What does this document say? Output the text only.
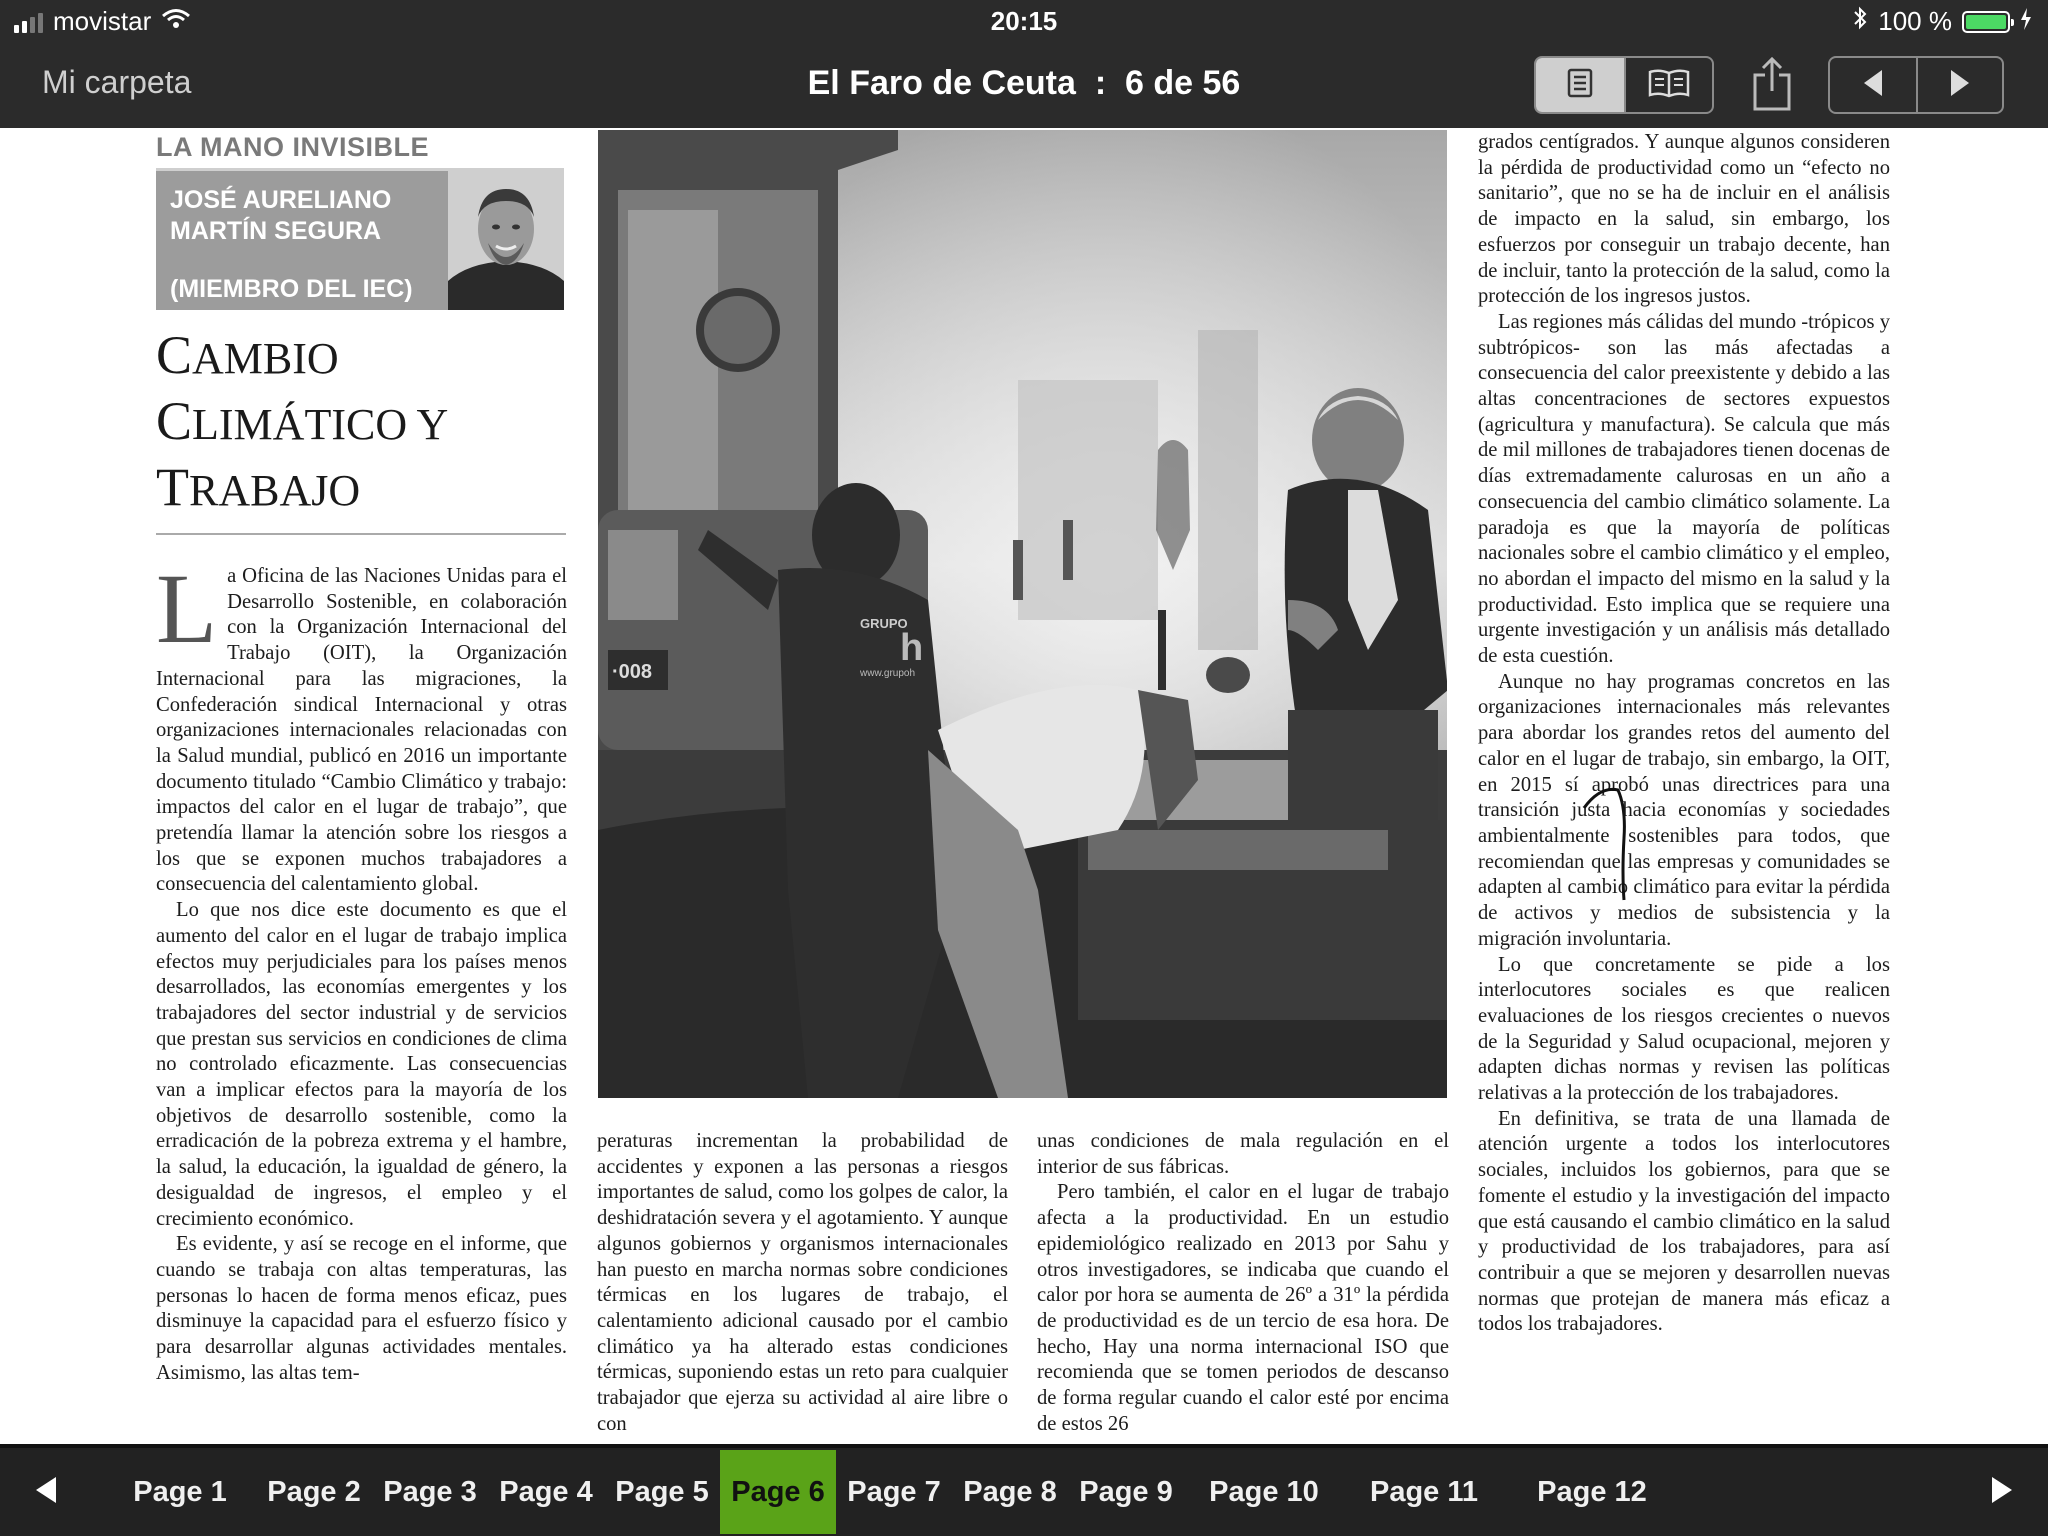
movistar	20:15	100 %
Mi carpeta	El Faro de Ceuta : 6 de 56
LA MANO INVISIBLE
JOSÉ AURELIANO
MARTÍN SEGURA
(MIEMBRO DEL IEC)
CAMBIO
CLIMÁTICO Y
TRABAJO

La Oficina de las Naciones Unidas para el Desarrollo Sostenible, en colaboración con la Organización Internacional del Trabajo (OIT), la Organización Internacional para las migraciones, la Confederación sindical Internacional y otras organizaciones internacionales relacionadas con la Salud mundial, publicó en 2016 un importante documento titulado “Cambio Climático y trabajo: impactos del calor en el lugar de trabajo”, que pretendía llamar la atención sobre los riesgos a los que se exponen muchos trabajadores a consecuencia del calentamiento global.

Lo que nos dice este documento es que el aumento del calor en el lugar de trabajo implica efectos muy perjudiciales para los países menos desarrollados, las economías emergentes y los trabajadores del sector industrial y de servicios que prestan sus servicios en condiciones de clima no controlado eficazmente. Las consecuencias van a implicar efectos para la mayoría de los objetivos de desarrollo sostenible, como la erradicación de la pobreza extrema y el hambre, la salud, la educación, la igualdad de género, la desigualdad de ingresos, el empleo y el crecimiento económico.

Es evidente, y así se recoge en el informe, que cuando se trabaja con altas temperaturas, las personas lo hacen de forma menos eficaz, pues disminuye la capacidad para el esfuerzo físico y para desarrollar algunas actividades mentales. Asimismo, las altas tem-

·008
GRUPO
h
www.grupoh

peraturas incrementan la probabilidad de accidentes y exponen a las personas a riesgos importantes de salud, como los golpes de calor, la deshidratación severa y el agotamiento. Y aunque algunos gobiernos y organismos internacionales han puesto en marcha normas sobre condiciones térmicas en los lugares de trabajo, el calentamiento adicional causado por el cambio climático ya ha alterado estas condiciones térmicas, suponiendo estas un reto para cualquier trabajador que ejerza su actividad al aire libre o con

unas condiciones de mala regulación en el interior de sus fábricas.

Pero también, el calor en el lugar de trabajo afecta a la productividad. En un estudio epidemiológico realizado en 2013 por Sahu y otros investigadores, se indicaba que cuando el calor por hora se aumenta de 26º a 31º la pérdida de productividad es de un tercio de esa hora. De hecho, Hay una norma internacional ISO que recomienda que se tomen periodos de descanso de forma regular cuando el calor esté por encima de estos 26

grados centígrados. Y aunque algunos consideren la pérdida de productividad como un “efecto no sanitario”, que no se ha de incluir en el análisis de impacto en la salud, sin embargo, los esfuerzos por conseguir un trabajo decente, han de incluir, tanto la protección de la salud, como la protección de los ingresos justos.

Las regiones más cálidas del mundo -trópicos y subtrópicos- son las más afectadas a consecuencia del calor preexistente y debido a las altas concentraciones de sectores expuestos (agricultura y manufactura). Se calcula que más de mil millones de trabajadores tienen docenas de días extremadamente calurosas en un año a consecuencia del cambio climático solamente. La paradoja es que la mayoría de políticas nacionales sobre el cambio climático y el empleo, no abordan el impacto del mismo en la salud y la productividad. Esto implica que se requiere una urgente investigación y un análisis más detallado de esta cuestión.

Aunque no hay programas concretos en las organizaciones internacionales más relevantes para abordar los grandes retos del aumento del calor en el lugar de trabajo, sin embargo, la OIT, en 2015 sí aprobó unas directrices para una transición justa hacia economías y sociedades ambientalmente sostenibles para todos, que recomiendan que las empresas y comunidades se adapten al cambio climático para evitar la pérdida de activos y medios de subsistencia y la migración involuntaria.

Lo que concretamente se pide a los interlocutores sociales es que realicen evaluaciones de los riesgos crecientes o nuevos de la Seguridad y Salud ocupacional, mejoren y adapten dichas normas y revisen las políticas relativas a la protección de los trabajadores.

En definitiva, se trata de una llamada de atención urgente a todos los interlocutores sociales, incluidos los gobiernos, para que se fomente el estudio y la investigación del impacto que está causando el cambio climático en la salud y productividad de los trabajadores, para así contribuir a que se mejoren y desarrollen nuevas normas que protejan de manera más eficaz a todos los trabajadores.

Page 1	Page 2 Page 3 Page 4 Page 5 Page 6 Page 7 Page 8 Page 9	Page 10	Page 11	Page 12
